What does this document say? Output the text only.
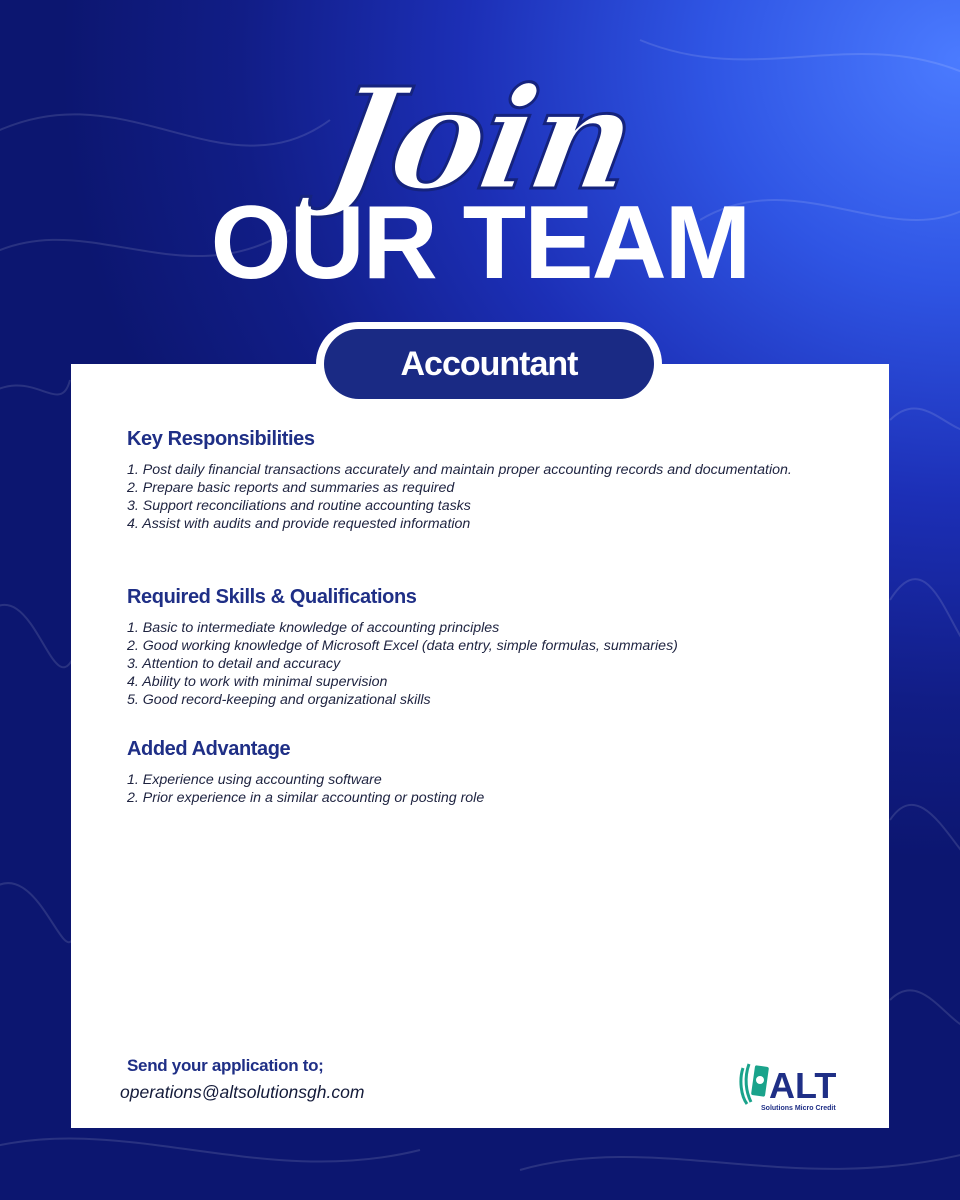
Join
OUR TEAM
Key Responsibilities
1. Post daily financial transactions accurately and maintain proper accounting records and documentation.
2. Prepare basic reports and summaries as required
3. Support reconciliations and routine accounting tasks
4. Assist with audits and provide requested information
Required Skills & Qualifications
1. Basic to intermediate knowledge of accounting principles
2. Good working knowledge of Microsoft Excel (data entry, simple formulas, summaries)
3. Attention to detail and accuracy
4. Ability to work with minimal supervision
5. Good record-keeping and organizational skills
Added Advantage
1. Experience using accounting software
2. Prior experience in a similar accounting or posting role
Send your application to;
operations@altsolutionsgh.com	ALT
Solutions Micro Credit
Accountant
